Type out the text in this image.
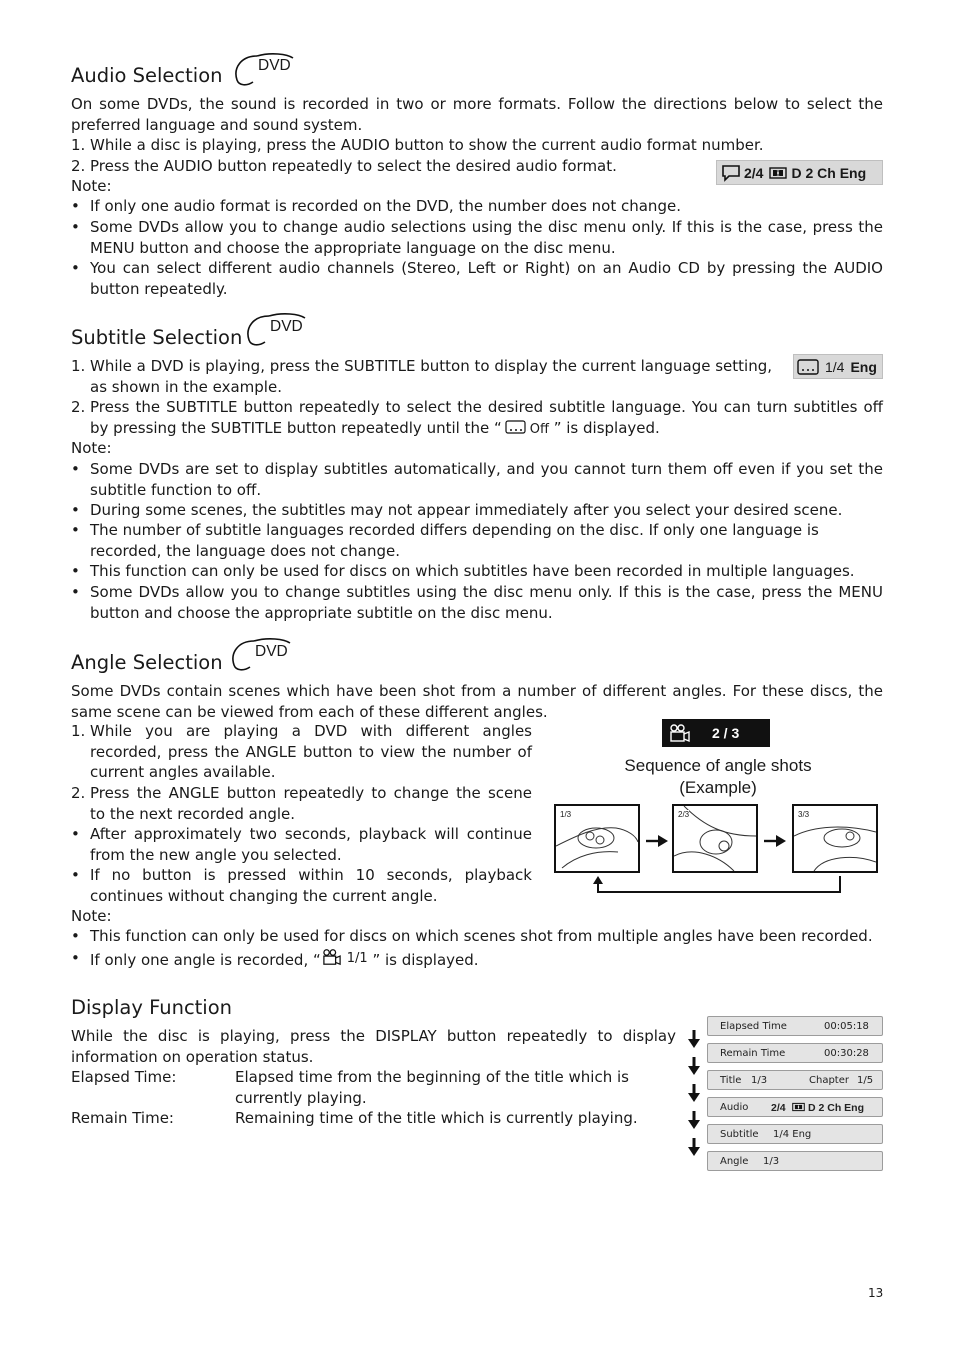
Audio Selection DVD
On some DVDs, the sound is recorded in two or more formats. Follow the directions below to select the preferred language and sound system.
1. While a disc is playing, press the AUDIO button to show the current audio format number.
2. Press the AUDIO button repeatedly to select the desired audio format.	2/4 D 2 Ch Eng
Note:
• If only one audio format is recorded on the DVD, the number does not change.
• Some DVDs allow you to change audio selections using the disc menu only. If this is the case, press the MENU button and choose the appropriate language on the disc menu.
• You can select different audio channels (Stereo, Left or Right) on an Audio CD by pressing the AUDIO button repeatedly.
Subtitle Selection DVD
1. While a DVD is playing, press the SUBTITLE button to display the current language setting, as shown in the example.
1/4 Eng
2. Press the SUBTITLE button repeatedly to select the desired subtitle language. You can turn subtitles off by pressing the SUBTITLE button repeatedly until the “ Off ” is displayed.
Note:
• Some DVDs are set to display subtitles automatically, and you cannot turn them off even if you set the subtitle function to off.
• During some scenes, the subtitles may not appear immediately after you select your desired scene.
• The number of subtitle languages recorded differs depending on the disc. If only one language is recorded, the language does not change.
• This function can only be used for discs on which subtitles have been recorded in multiple languages.
• Some DVDs allow you to change subtitles using the disc menu only. If this is the case, press the MENU button and choose the appropriate subtitle on the disc menu.
Angle Selection DVD
Some DVDs contain scenes which have been shot from a number of different angles. For these discs, the same scene can be viewed from each of these different angles.
1. While you are playing a DVD with different angles recorded, press the ANGLE button to view the number of current angles available.
2. Press the ANGLE button repeatedly to change the scene to the next recorded angle.
• After approximately two seconds, playback will continue from the new angle you selected.
• If no button is pressed within 10 seconds, playback continues without changing the current angle.
2 / 3
Sequence of angle shots
(Example)
1/3	2/3	3/3
Note:
• This function can only be used for discs on which scenes shot from multiple angles have been recorded.
• If only one angle is recorded, “ 1/1 ” is displayed.
Display Function
While the disc is playing, press the DISPLAY button repeatedly to display information on operation status.
Elapsed Time:	Elapsed time from the beginning of the title which is currently playing.
Remain Time:	Remaining time of the title which is currently playing.
Elapsed Time	00:05:18
Remain Time	00:30:28
Title 1/3	Chapter 1/5
Audio 2/4 D 2 Ch Eng
Subtitle 1/4 Eng
Angle 1/3
13
